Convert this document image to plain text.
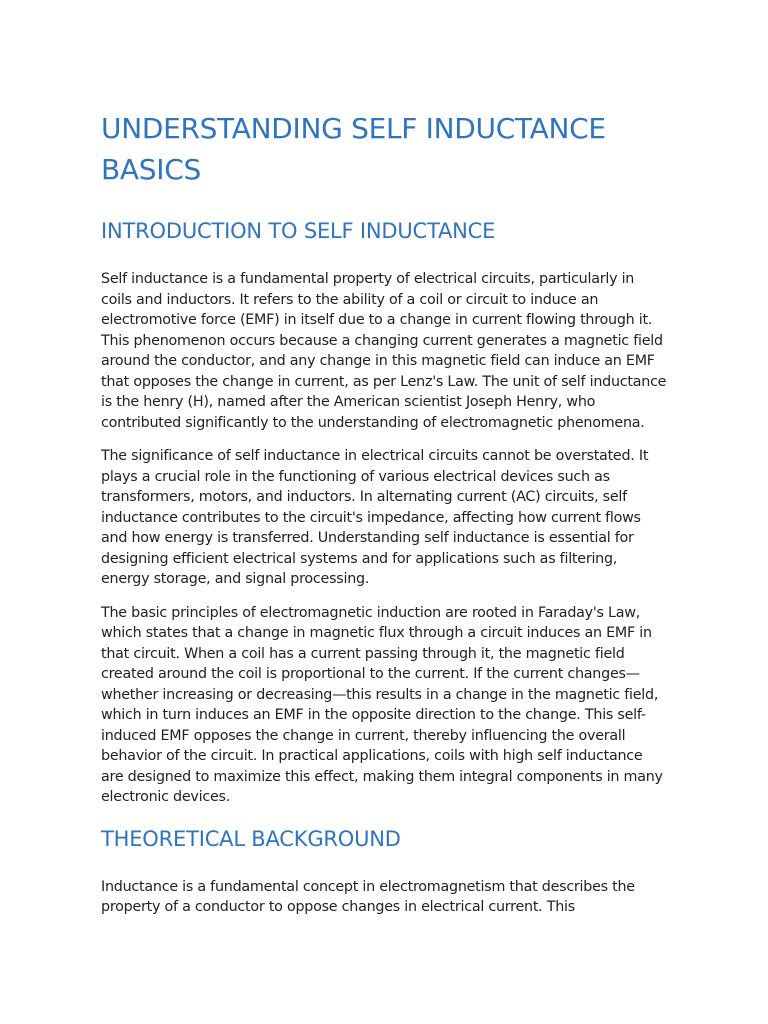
UNDERSTANDING SELF INDUCTANCE BASICS
INTRODUCTION TO SELF INDUCTANCE

Self inductance is a fundamental property of electrical circuits, particularly in coils and inductors. It refers to the ability of a coil or circuit to induce an electromotive force (EMF) in itself due to a change in current flowing through it. This phenomenon occurs because a changing current generates a magnetic field around the conductor, and any change in this magnetic field can induce an EMF that opposes the change in current, as per Lenz's Law. The unit of self inductance is the henry (H), named after the American scientist Joseph Henry, who contributed significantly to the understanding of electromagnetic phenomena.

The significance of self inductance in electrical circuits cannot be overstated. It plays a crucial role in the functioning of various electrical devices such as transformers, motors, and inductors. In alternating current (AC) circuits, self inductance contributes to the circuit's impedance, affecting how current flows and how energy is transferred. Understanding self inductance is essential for designing efficient electrical systems and for applications such as filtering, energy storage, and signal processing.

The basic principles of electromagnetic induction are rooted in Faraday's Law, which states that a change in magnetic flux through a circuit induces an EMF in that circuit. When a coil has a current passing through it, the magnetic field created around the coil is proportional to the current. If the current changes—whether increasing or decreasing—this results in a change in the magnetic field, which in turn induces an EMF in the opposite direction to the change. This self-induced EMF opposes the change in current, thereby influencing the overall behavior of the circuit. In practical applications, coils with high self inductance are designed to maximize this effect, making them integral components in many electronic devices.

THEORETICAL BACKGROUND

Inductance is a fundamental concept in electromagnetism that describes the property of a conductor to oppose changes in electrical current. This
